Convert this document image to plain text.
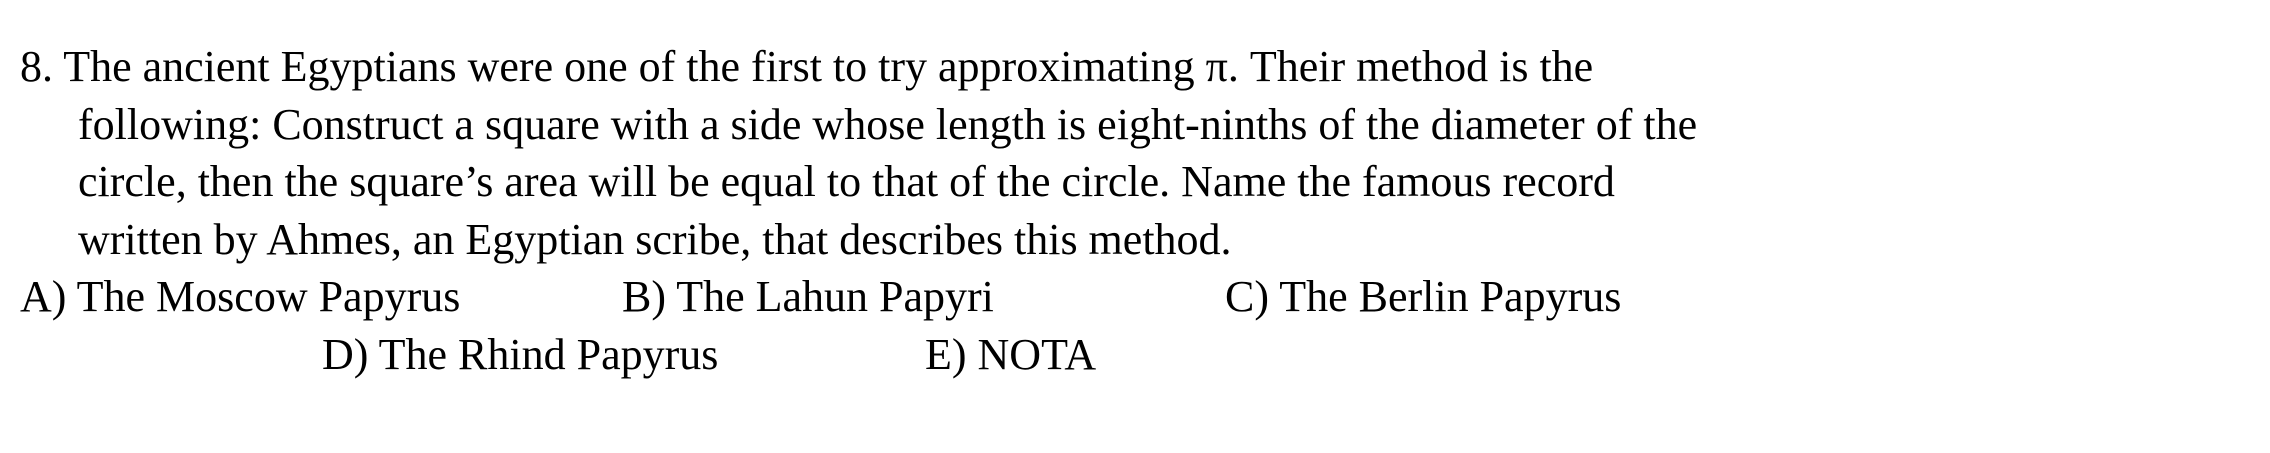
8. The ancient Egyptians were one of the first to try approximating π. Their method is the
following: Construct a square with a side whose length is eight-ninths of the diameter of the
circle, then the square’s area will be equal to that of the circle. Name the famous record
written by Ahmes, an Egyptian scribe, that describes this method.
A) The Moscow Papyrus	B) The Lahun Papyri	C) The Berlin Papyrus
D) The Rhind Papyrus	E) NOTA
